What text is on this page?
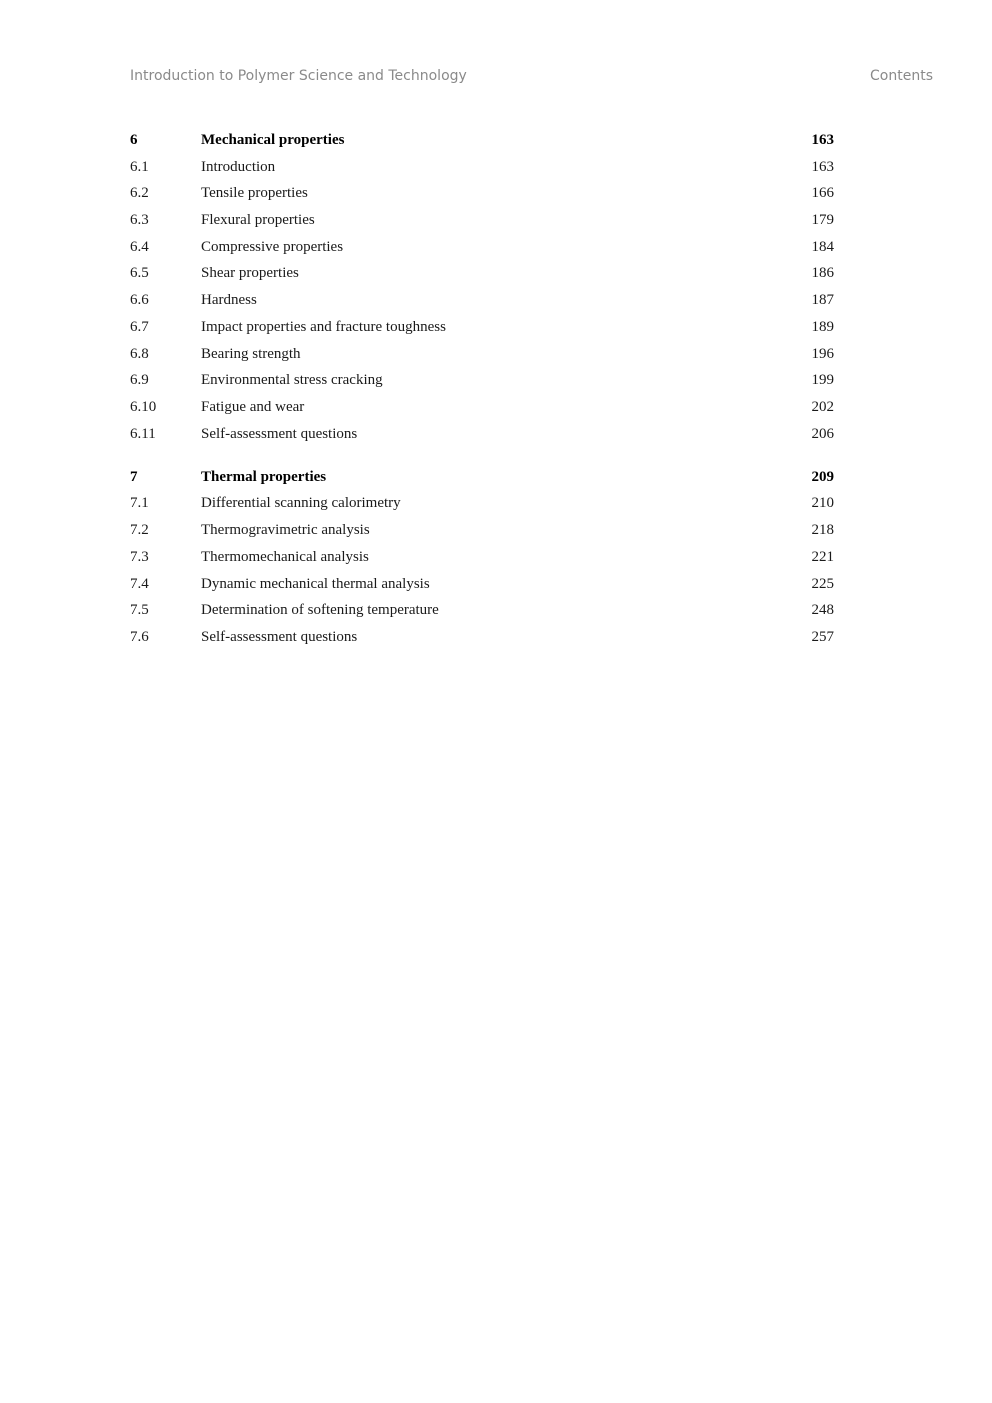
Introduction to Polymer Science and Technology	Contents
6	Mechanical properties	163
6.1	Introduction	163
6.2	Tensile properties	166
6.3	Flexural properties	179
6.4	Compressive properties	184
6.5	Shear properties	186
6.6	Hardness	187
6.7	Impact properties and fracture toughness	189
6.8	Bearing strength	196
6.9	Environmental stress cracking	199
6.10	Fatigue and wear	202
6.11	Self-assessment questions	206
7	Thermal properties	209
7.1	Differential scanning calorimetry	210
7.2	Thermogravimetric analysis	218
7.3	Thermomechanical analysis	221
7.4	Dynamic mechanical thermal analysis	225
7.5	Determination of softening temperature	248
7.6	Self-assessment questions	257
